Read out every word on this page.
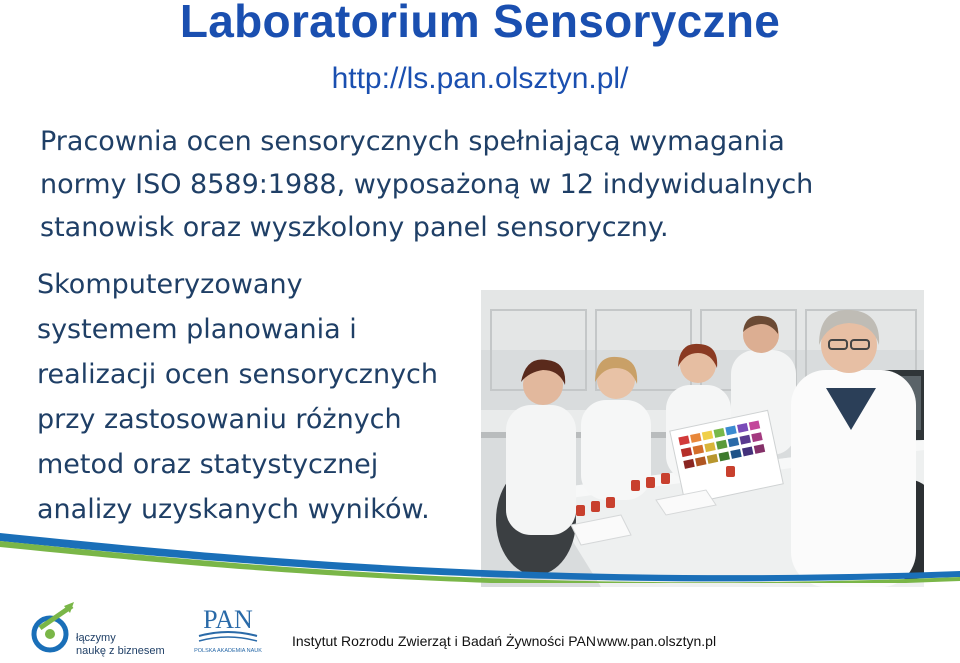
Laboratorium Sensoryczne
http://ls.pan.olsztyn.pl/
Pracownia ocen sensorycznych spełniającą wymagania
normy ISO 8589:1988, wyposażoną w 12 indywidualnych
stanowisk oraz wyszkolony panel sensoryczny.
Skomputeryzowany
systemem planowania i
realizacji ocen sensorycznych
przy zastosowaniu różnych
metod oraz statystycznej
analizy uzyskanych wyników.
łączymy
naukę z biznesem
PAN
POLSKA AKADEMIA NAUK
Instytut Rozrodu Zwierząt i Badań Żywności PAN www.pan.olsztyn.pl
